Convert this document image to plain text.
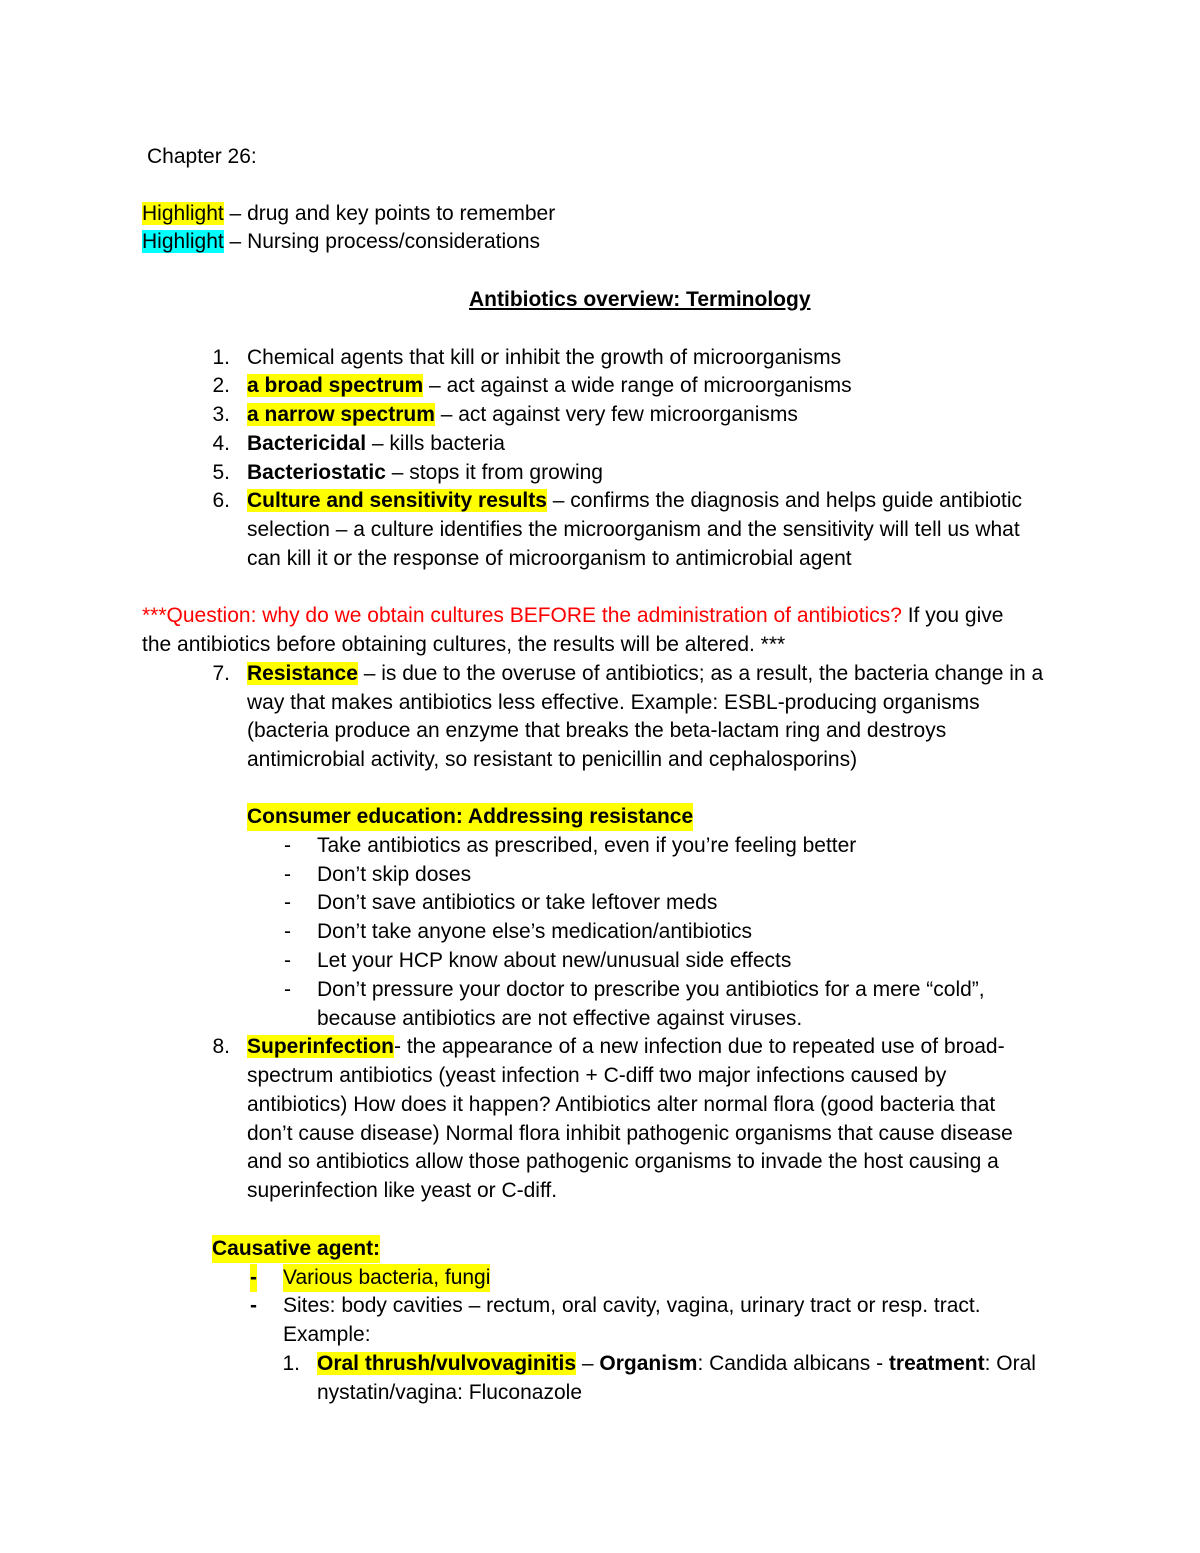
Chapter 26:
Highlight – drug and key points to remember
Highlight – Nursing process/considerations
Antibiotics overview: Terminology
1. Chemical agents that kill or inhibit the growth of microorganisms
2. a broad spectrum – act against a wide range of microorganisms
3. a narrow spectrum – act against very few microorganisms
4. Bactericidal – kills bacteria
5. Bacteriostatic – stops it from growing
6. Culture and sensitivity results – confirms the diagnosis and helps guide antibiotic
selection – a culture identifies the microorganism and the sensitivity will tell us what
can kill it or the response of microorganism to antimicrobial agent
***Question: why do we obtain cultures BEFORE the administration of antibiotics? If you give
the antibiotics before obtaining cultures, the results will be altered. ***
7. Resistance – is due to the overuse of antibiotics; as a result, the bacteria change in a
way that makes antibiotics less effective. Example: ESBL-producing organisms
(bacteria produce an enzyme that breaks the beta-lactam ring and destroys
antimicrobial activity, so resistant to penicillin and cephalosporins)
Consumer education: Addressing resistance
- Take antibiotics as prescribed, even if you’re feeling better
- Don’t skip doses
- Don’t save antibiotics or take leftover meds
- Don’t take anyone else’s medication/antibiotics
- Let your HCP know about new/unusual side effects
- Don’t pressure your doctor to prescribe you antibiotics for a mere “cold”,
because antibiotics are not effective against viruses.
8. Superinfection- the appearance of a new infection due to repeated use of broad-
spectrum antibiotics (yeast infection + C-diff two major infections caused by
antibiotics) How does it happen? Antibiotics alter normal flora (good bacteria that
don’t cause disease) Normal flora inhibit pathogenic organisms that cause disease
and so antibiotics allow those pathogenic organisms to invade the host causing a
superinfection like yeast or C-diff.
Causative agent:
- Various bacteria, fungi
- Sites: body cavities – rectum, oral cavity, vagina, urinary tract or resp. tract.
Example:
1. Oral thrush/vulvovaginitis – Organism: Candida albicans - treatment: Oral
nystatin/vagina: Fluconazole
